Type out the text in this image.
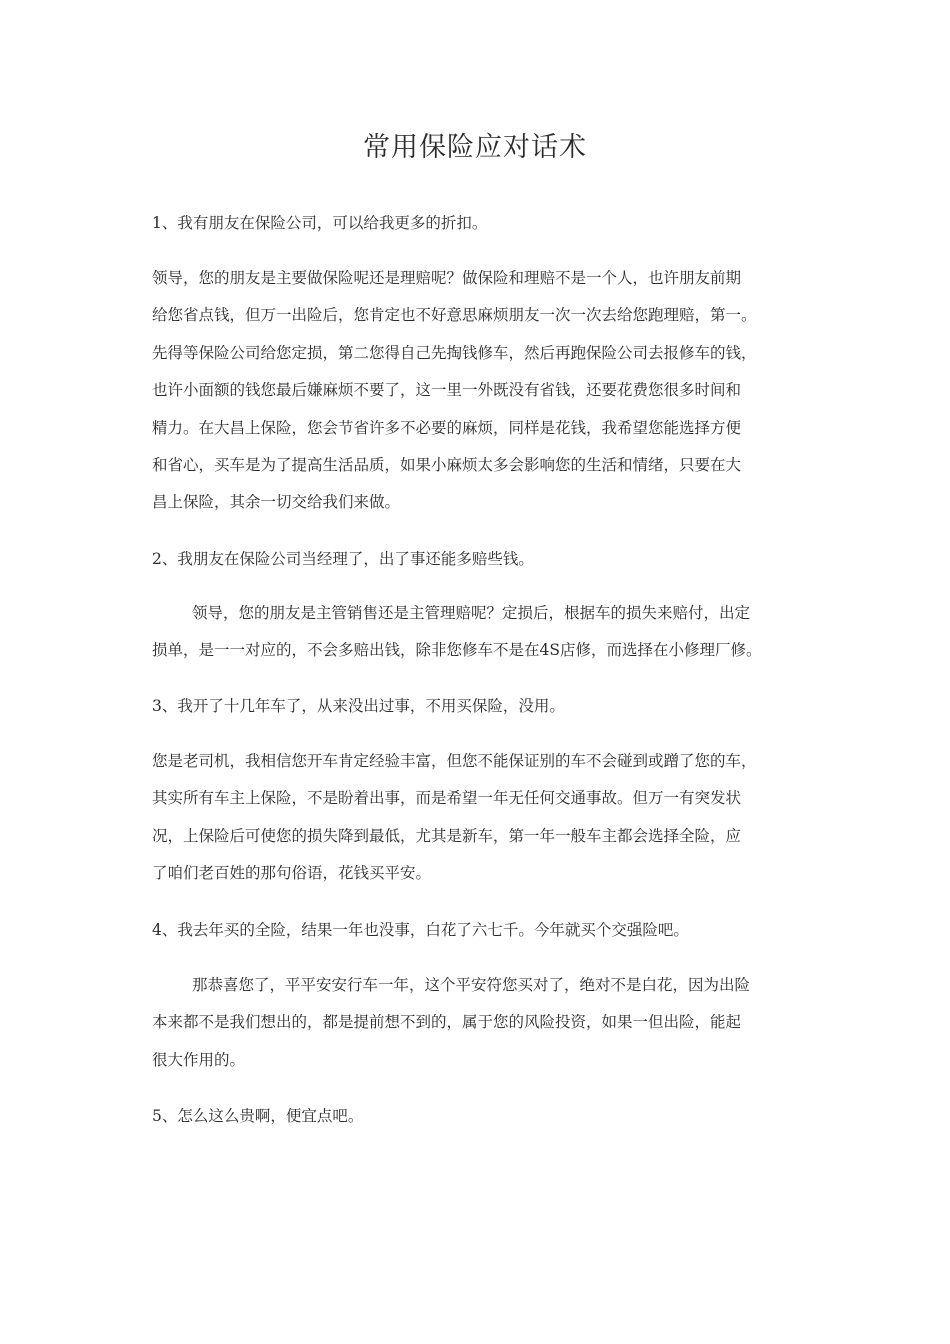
常用保险应对话术
1、我有朋友在保险公司，可以给我更多的折扣。
领导，您的朋友是主要做保险呢还是理赔呢？做保险和理赔不是一个人，也许朋友前期
给您省点钱，但万一出险后，您肯定也不好意思麻烦朋友一次一次去给您跑理赔，第一。
先得等保险公司给您定损，第二您得自己先掏钱修车，然后再跑保险公司去报修车的钱，
也许小面额的钱您最后嫌麻烦不要了，这一里一外既没有省钱，还要花费您很多时间和
精力。在大昌上保险，您会节省许多不必要的麻烦，同样是花钱，我希望您能选择方便
和省心，买车是为了提高生活品质，如果小麻烦太多会影响您的生活和情绪，只要在大
昌上保险，其余一切交给我们来做。
2、我朋友在保险公司当经理了，出了事还能多赔些钱。
领导，您的朋友是主管销售还是主管理赔呢？定损后，根据车的损失来赔付，出定
损单，是一一对应的，不会多赔出钱，除非您修车不是在4S店修，而选择在小修理厂修。
3、我开了十几年车了，从来没出过事，不用买保险，没用。
您是老司机，我相信您开车肯定经验丰富，但您不能保证别的车不会碰到或蹭了您的车，
其实所有车主上保险，不是盼着出事，而是希望一年无任何交通事故。但万一有突发状
况，上保险后可使您的损失降到最低，尤其是新车，第一年一般车主都会选择全险，应
了咱们老百姓的那句俗语，花钱买平安。
4、我去年买的全险，结果一年也没事，白花了六七千。今年就买个交强险吧。
那恭喜您了，平平安安行车一年，这个平安符您买对了，绝对不是白花，因为出险
本来都不是我们想出的，都是提前想不到的，属于您的风险投资，如果一但出险，能起
很大作用的。
5、怎么这么贵啊，便宜点吧。
